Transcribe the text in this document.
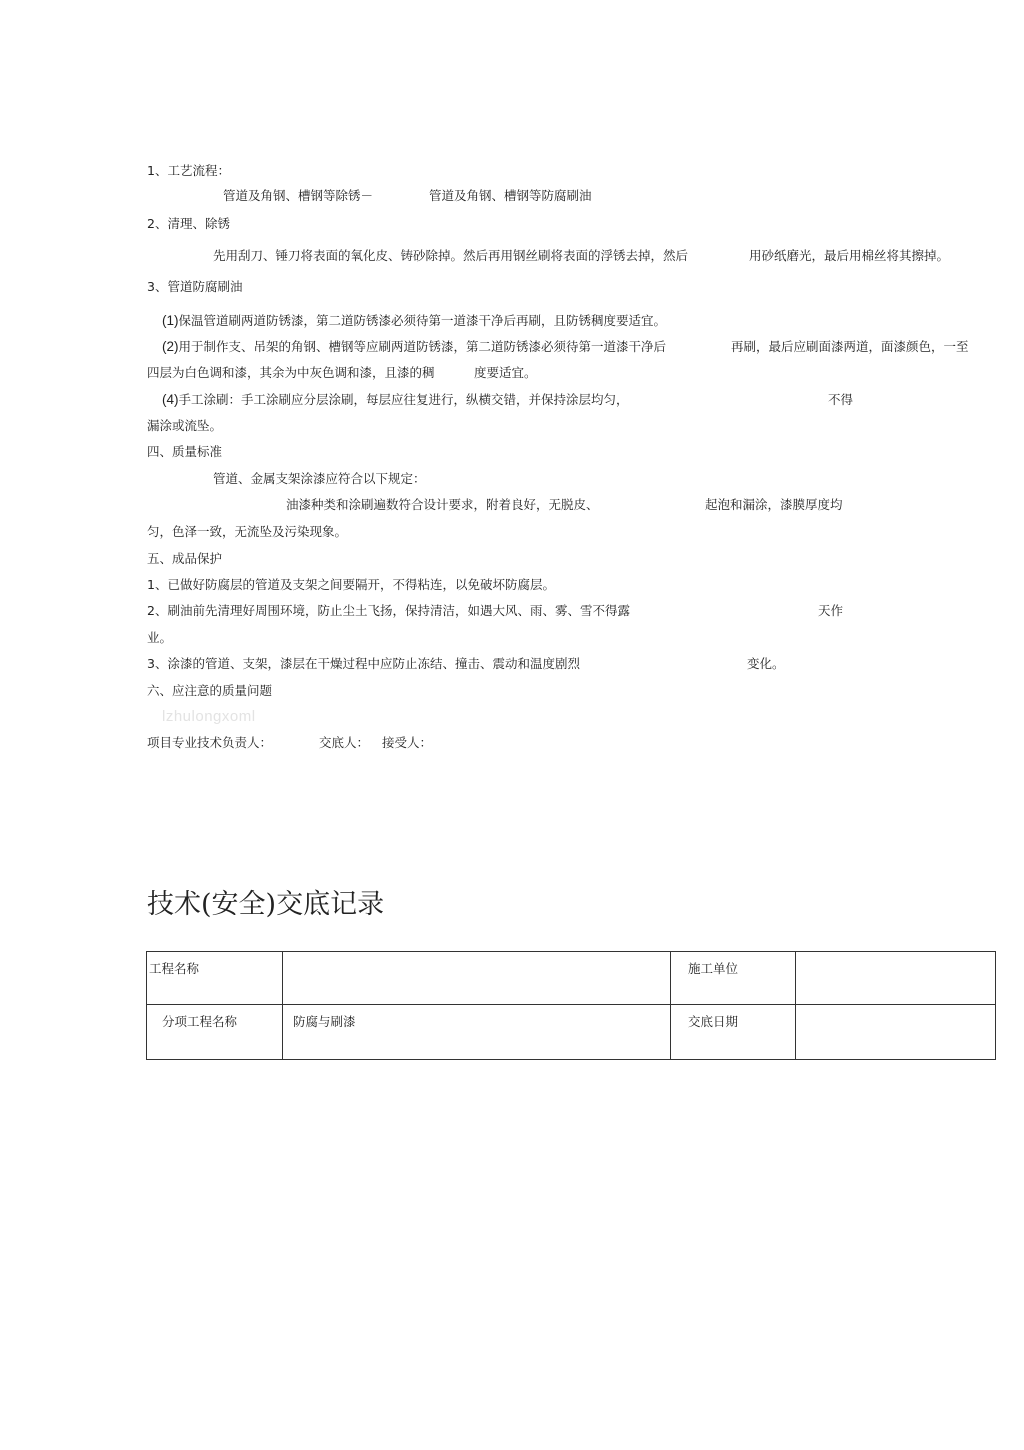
1、工艺流程：
管道及角钢、槽钢等除锈－	管道及角钢、槽钢等防腐刷油
2、清理、除锈
先用刮刀、锤刀将表面的氧化皮、铸砂除掉。然后再用钢丝刷将表面的浮锈去掉，然后	用砂纸磨光，最后用棉丝将其擦掉。
3、管道防腐刷油
(1)保温管道刷两道防锈漆，第二道防锈漆必须待第一道漆干净后再刷，且防锈稠度要适宜。
(2)用于制作支、吊架的角钢、槽钢等应刷两道防锈漆，第二道防锈漆必须待第一道漆干净后	再刷，最后应刷面漆两道，面漆颜色，一至
四层为白色调和漆，其余为中灰色调和漆，且漆的稠	度要适宜。
(4)手工涂刷：手工涂刷应分层涂刷，每层应往复进行，纵横交错，并保持涂层均匀，	不得
漏涂或流坠。
四、质量标准
管道、金属支架涂漆应符合以下规定：
油漆种类和涂刷遍数符合设计要求，附着良好，无脱皮、	起泡和漏涂，漆膜厚度均
匀，色泽一致，无流坠及污染现象。
五、成品保护
1、已做好防腐层的管道及支架之间要隔开，不得粘连，以免破坏防腐层。
2、刷油前先清理好周围环境，防止尘土飞扬，保持清洁，如遇大风、雨、雾、雪不得露	天作
业。
3、涂漆的管道、支架，漆层在干燥过程中应防止冻结、撞击、震动和温度剧烈	变化。
六、应注意的质量问题
lzhulongxoml
项目专业技术负责人：	交底人： 接受人：
技术(安全)交底记录
工程名称		施工单位	
分项工程名称	防腐与刷漆	交底日期	
